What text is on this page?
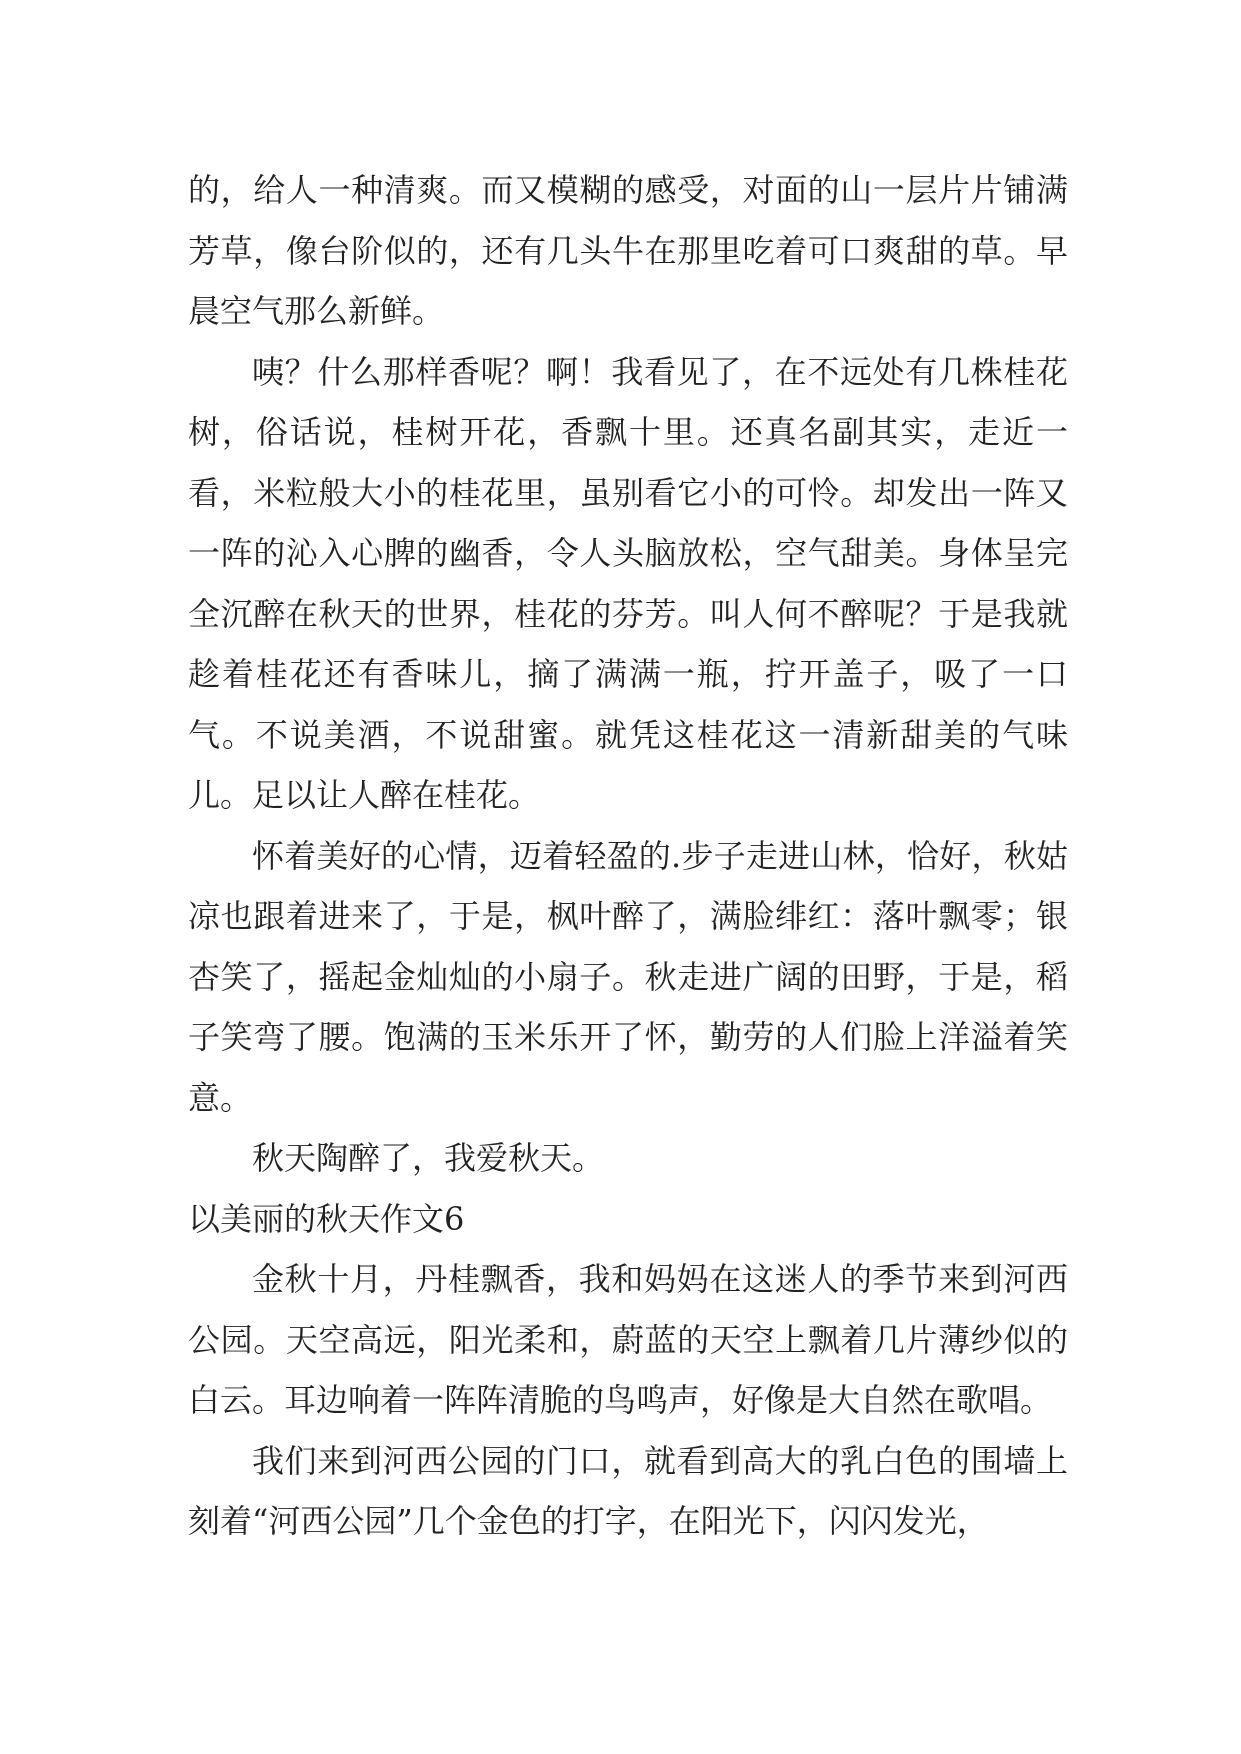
的，给人一种清爽。而又模糊的感受，对面的山一层片片铺满芳草，像台阶似的，还有几头牛在那里吃着可口爽甜的草。早晨空气那么新鲜。

咦？什么那样香呢？啊！我看见了，在不远处有几株桂花树，俗话说，桂树开花，香飘十里。还真名副其实，走近一看，米粒般大小的桂花里，虽别看它小的可怜。却发出一阵又一阵的沁入心脾的幽香，令人头脑放松，空气甜美。身体呈完全沉醉在秋天的世界，桂花的芬芳。叫人何不醉呢？于是我就趁着桂花还有香味儿，摘了满满一瓶，拧开盖子，吸了一口气。不说美酒，不说甜蜜。就凭这桂花这一清新甜美的气味儿。足以让人醉在桂花。

怀着美好的心情，迈着轻盈的.步子走进山林，恰好，秋姑凉也跟着进来了，于是，枫叶醉了，满脸绯红：落叶飘零；银杏笑了，摇起金灿灿的小扇子。秋走进广阔的田野，于是，稻子笑弯了腰。饱满的玉米乐开了怀，勤劳的人们脸上洋溢着笑意。

秋天陶醉了，我爱秋天。

以美丽的秋天作文6

金秋十月，丹桂飘香，我和妈妈在这迷人的季节来到河西公园。天空高远，阳光柔和，蔚蓝的天空上飘着几片薄纱似的白云。耳边响着一阵阵清脆的鸟鸣声，好像是大自然在歌唱。

我们来到河西公园的门口，就看到高大的乳白色的围墙上刻着“河西公园”几个金色的打字，在阳光下，闪闪发光，
